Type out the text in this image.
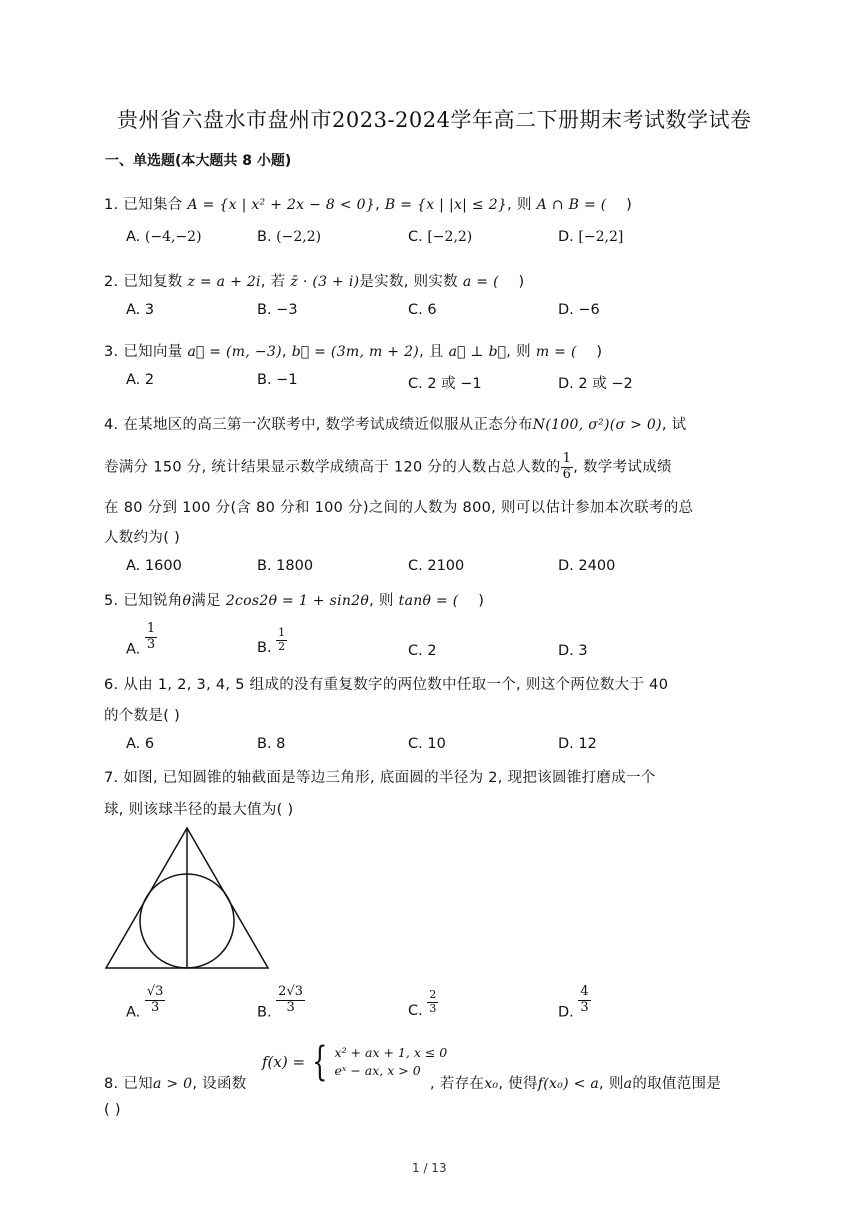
贵州省六盘水市盘州市2023-2024学年高二下册期末考试数学试卷
一、单选题(本大题共 8 小题)
1. 已知集合 A = {x | x² + 2x − 8 < 0}, B = {x | |x| ≤ 2}, 则 A ∩ B = ( )
A. (−4,−2)	B. (−2,2)	C. [−2,2)	D. [−2,2]
2. 已知复数 z = a + 2i, 若 z̄ · (3 + i)是实数, 则实数 a = ( )
A. 3	B. −3	C. 6	D. −6
3. 已知向量 a⃗ = (m, −3), b⃗ = (3m, m + 2), 且 a⃗ ⊥ b⃗, 则 m = ( )
A. 2	B. −1	C. 2 或 −1	D. 2 或 −2
4. 在某地区的高三第一次联考中, 数学考试成绩近似服从正态分布N(100, σ²)(σ > 0), 试
卷满分 150 分, 统计结果显示数学成绩高于 120 分的人数占总人数的 $\frac{1}{6}$ , 数学考试成绩
在 80 分到 100 分(含 80 分和 100 分)之间的人数为 800, 则可以估计参加本次联考的总
人数约为( )
A. 1600	B. 1800	C. 2100	D. 2400
5. 已知锐角θ满足 2cos2θ = 1 + sin2θ, 则 tanθ = ( )
A. $\frac{1}{3}$	B. $\frac{1}{2}$	C. 2	D. 3
6. 从由 1, 2, 3, 4, 5 组成的没有重复数字的两位数中任取一个, 则这个两位数大于 40
的个数是( )
A. 6	B. 8	C. 10	D. 12
7. 如图, 已知圆锥的轴截面是等边三角形, 底面圆的半径为 2, 现把该圆锥打磨成一个
球, 则该球半径的最大值为( )
A. $\frac{√3}{3}$	B. $\frac{2√3}{3}$	C. $\frac{2}{3}$	D. $\frac{4}{3}$
8. 已知a > 0, 设函数
f(x) = { x² + ax + 1, x ≤ 0
eˣ − ax, x > 0
, 若存在x₀, 使得f(x₀) < a, 则a的取值范围是
( )
1 / 13
